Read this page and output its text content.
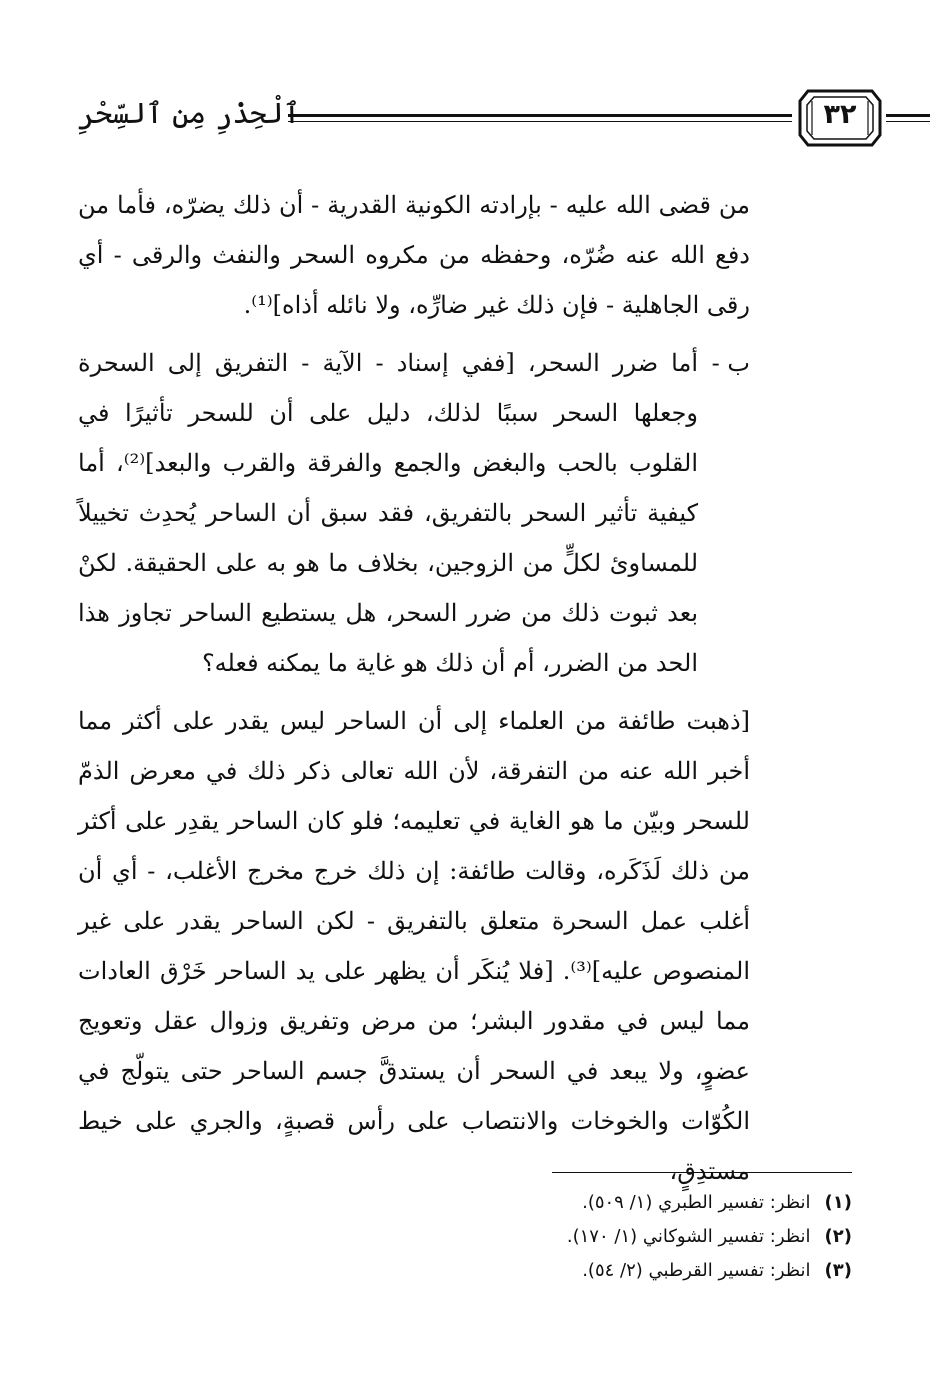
ٱلْحِذْرِ مِن ٱلسِّحْرِ	٣٢

من قضى الله عليه - بإرادته الكونية القدرية - أن ذلك يضرّه، فأما من دفع الله عنه ضُرّه، وحفظه من مكروه السحر والنفث والرقى - أي رقى الجاهلية - فإن ذلك غير ضارِّه، ولا نائله أذاه]⁽¹⁾.

ب -
أما ضرر السحر، [ففي إسناد - الآية - التفريق إلى السحرة وجعلها السحر سببًا لذلك، دليل على أن للسحر تأثيرًا في القلوب بالحب والبغض والجمع والفرقة والقرب والبعد]⁽²⁾، أما كيفية تأثير السحر بالتفريق، فقد سبق أن الساحر يُحدِث تخييلاً للمساوئ لكلٍّ من الزوجين، بخلاف ما هو به على الحقيقة. لكنْ بعد ثبوت ذلك من ضرر السحر، هل يستطيع الساحر تجاوز هذا الحد من الضرر، أم أن ذلك هو غاية ما يمكنه فعله؟

[ذهبت طائفة من العلماء إلى أن الساحر ليس يقدر على أكثر مما أخبر الله عنه من التفرقة، لأن الله تعالى ذكر ذلك في معرض الذمّ للسحر وبيّن ما هو الغاية في تعليمه؛ فلو كان الساحر يقدِر على أكثر من ذلك لَذَكَره، وقالت طائفة: إن ذلك خرج مخرج الأغلب، - أي أن أغلب عمل السحرة متعلق بالتفريق - لكن الساحر يقدر على غير المنصوص عليه]⁽³⁾. [فلا يُنكَر أن يظهر على يد الساحر خَرْق العادات مما ليس في مقدور البشر؛ من مرض وتفريق وزوال عقل وتعويج عضوٍ، ولا يبعد في السحر أن يستدقَّ جسم الساحر حتى يتولّج في الكُوّات والخوخات والانتصاب على رأس قصبةٍ، والجري على خيط مستدِقٍ،

(١)انظر: تفسير الطبري (١/ ٥٠٩).
(٢)انظر: تفسير الشوكاني (١/ ١٧٠).
(٣)انظر: تفسير القرطبي (٢/ ٥٤).
